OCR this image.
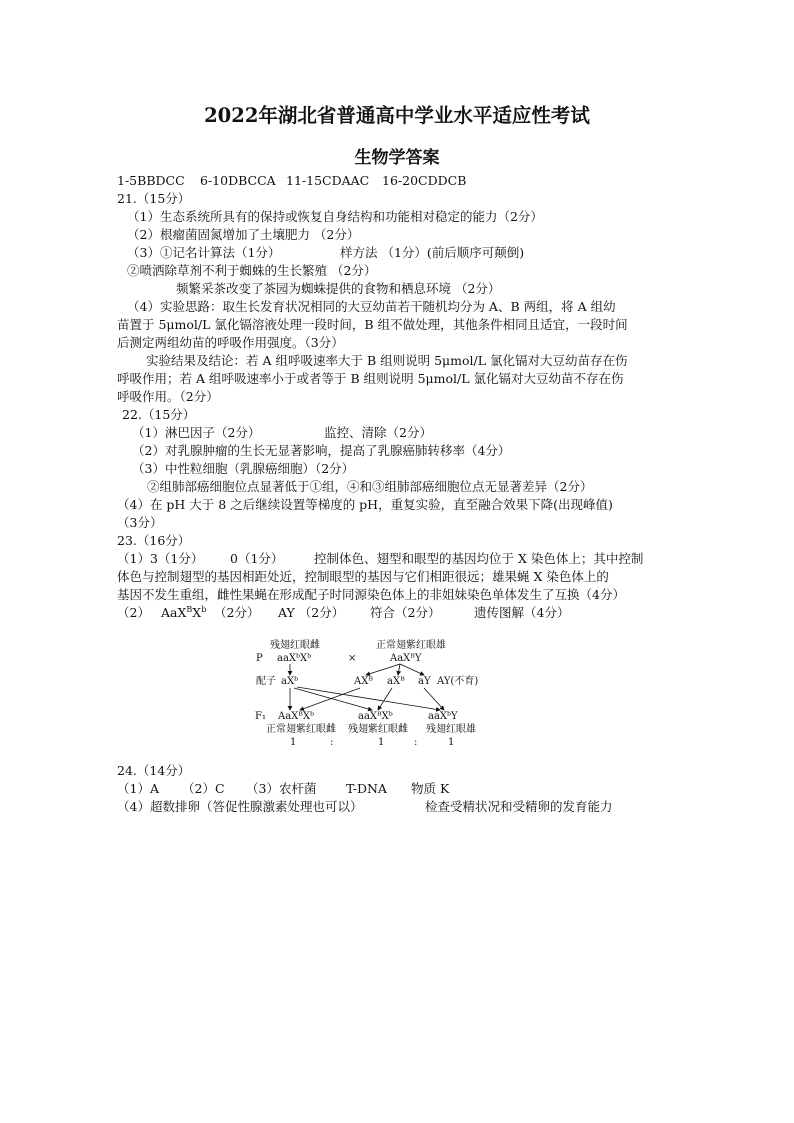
2022年湖北省普通高中学业水平适应性考试
生物学答案
1-5BBDCC 6-10DBCCA 11-15CDAAC 16-20CDDCB
21.（15分）
（1）生态系统所具有的保持或恢复自身结构和功能相对稳定的能力（2分）
（2）根瘤菌固氮增加了土壤肥力 （2分）
（3）①记名计算法（1分）	样方法 （1分）(前后顺序可颠倒)
②喷洒除草剂不利于蜘蛛的生长繁殖 （2分）
频繁采茶改变了茶园为蜘蛛提供的食物和栖息环境 （2分）
（4）实验思路：取生长发育状况相同的大豆幼苗若干随机均分为 A、B 两组，将 A 组幼
苗置于 5μmol/L 氯化镉溶液处理一段时间，B 组不做处理，其他条件相同且适宜，一段时间
后测定两组幼苗的呼吸作用强度。（3分）
实验结果及结论：若 A 组呼吸速率大于 B 组则说明 5μmol/L 氯化镉对大豆幼苗存在伤
呼吸作用；若 A 组呼吸速率小于或者等于 B 组则说明 5μmol/L 氯化镉对大豆幼苗不存在伤
呼吸作用。（2分）
22.（15分）
（1）淋巴因子（2分）	监控、清除（2分）
（2）对乳腺肿瘤的生长无显著影响，提高了乳腺癌肺转移率（4分）
（3）中性粒细胞（乳腺癌细胞）（2分）
②组肺部癌细胞位点显著低于①组，④和③组肺部癌细胞位点无显著差异（2分）
（4）在 pH 大于 8 之后继续设置等梯度的 pH，重复实验，直至融合效果下降(出现峰值)
（3分）
23.（16分）
（1）3（1分） 0（1分） 控制体色、翅型和眼型的基因均位于 X 染色体上；其中控制
体色与控制翅型的基因相距处近，控制眼型的基因与它们相距很远；雄果蝇 X 染色体上的
基因不发生重组，雌性果蝇在形成配子时同源染色体上的非姐妹染色单体发生了互换（4分）
（2） $AaX^BX^b$ （2分） AY （2分） 符合（2分）	遗传图解（4分）
P
残翅红眼雌
aaXᵇXᵇ	×
正常翅紫红眼雄
AaXᴮY
配子 aXᵇ	AXᴮ aXᴮ aY AY(不育)
F₁ AaXᴮXᵇ	aaXᴮXᵇ	aaXᵇY
正常翅紫红眼雌 残翅紫红眼雌 残翅红眼雄
1	:	1	:	1
24.（14分）
（1）A （2）C （3）农杆菌 T-DNA 物质 K
（4）超数排卵（答促性腺激素处理也可以）	检查受精状况和受精卵的发育能力
